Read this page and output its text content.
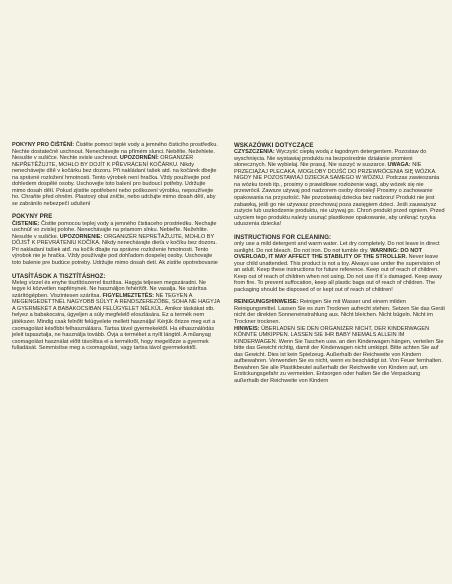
POKYNY PRO ČIŠTĚNÍ: Čistěte pomocí teplé vody a jemného čisticího prostředku. Nechte dostatečně uschnout. Nenechávejte na přímém slunci. Nebělte. Nežehlete. Nesušte v sušičce. Nechte svisle uschnout. UPOZORNĚNÍ: ORGANIZÉR NEPŘETĚŽUJTE, MOHLO BY DOJÍT K PŘEVRÁCENÍ KOČÁRKU. Nikdy nenechávejte dítě v kočárku bez dozoru. Při nakládaní tašek atd. na kočárek dbejte na správné rozložení hmotnosti. Tento výrobek není hračka. Vždy používejte pod dohledem dospělé osoby. Uschovejte toto balení pro budoucí potřeby. Udržujte mimo dosah dětí. Pokud zjistíte opotřebení nebo poškození výrobku, nepoužívejte ho. Chraňte před ohněm. Plastový obal zničte, nebo udržujte mimo dosah dětí, aby se zabránilo nebezpečí udušení

POKYNY PRE

ČISTENIE: Čistite pomocou teplej vody a jemného čistiaceho prostriedku. Nechajte uschnúť vo zvislej polohe. Nenechávajte na priamom slnku. Nebieľte. Nežehlite. Nesušte v sušičke. UPOZORNENIE: ORGANIZÉR NEPREŤAŽUJTE, MOHLO BY DÔJSŤ K PREVRÁTENIU KOČÍKA. Nikdy nenechávajte dieťa v kočíku bez dozoru. Pri nakladaní tašiek atď. na kočík dbajte na správne rozloženie hmotnosti. Tento výrobok nie je hračka. Vždy používajte pod dohľadom dospelej osoby. Uschovajte toto balenie pre budúce potreby. Udržujte mimo dosah detí. Ak zistíte opotrebovanie

UTASÍTÁSOK A TISZTÍTÁSHOZ:

Meleg vízzel és enyhe tisztítószerrel tisztítsa. Hagyja teljesen megszáradni. Ne tegye ki közvetlen napfénynek. Ne használjon fehérítőt. Ne vasalja. Ne szárítsa szárítógépben. Viszintesen szárítsa. FIGYELMEZTETÉS: NE TEGYEN A MEGENGEDETTNÉL NAGYOBB SÚLYT A RENDSZEREZŐBE, SOHA NE HAGYJA A GYERMEKÉT A BABAKOCSIBAN FELÜGYELET NÉLKÜL. Amikor táskákat stb. helyez a babakocsira, ügyeljen a súly megfelelő eloszlására. Ez a termék nem játékszer. Mindig csak felnőtt felügyelete mellett használja! Kérjük őrizze meg ezt a csomagolást későbbi felhasználásra. Tartsa távol gyermekektől. Ha elhasználódás jeleit tapasztalja, ne használja tovább. Óvja a terméket a nyílt lángtól. A műanyag csomagolást használat előtt távolítsa el a termékről, hogy megelőzze a gyermek fulladását. Semmisítse meg a csomagolást, vagy tartsa távol gyermekektől.

WSKAZÓWKI DOTYCZĄCE

CZYSZCZENIA: Wyczyść ciepłą wodą z łagodnym detergentem. Pozostaw do wyschnięcia. Nie wystawiaj produktu na bezpośrednie działanie promieni słonecznych. Nie wybielaj. Nie prasuj. Nie suszyć w suszarce. UWAGA: NIE PRZECIĄŻAJ PLECAKA, MOGŁOBY DOJŚĆ DO PRZEWRÓCENIA SIĘ WÓZKA. NIGDY NIE POZOSTAWIAJ DZIECKA SAMEGO W WÓZKU. Podczas zawieszania na wózku toreb itp., prosimy o prawidłowe rozłożenie wagi, aby wózek się nie przewrócił. Zawsze używaj pod nadzorem osoby dorosłej! Prosimy o zachowanie opakowania na przyszłość. Nie pozostawiaj dziecka bez nadzoru! Produkt nie jest zabawką, jeśli go nie używasz przechowuj poza zasięgiem dzieci. Jeśli zauważysz zużycie lub uszkodzenie produktu, nie używaj go. Chroń produkt przed ogniem. Przed użyciem tego produktu należy usunąć plastikowe opakowanie, aby uniknąć ryzyka uduszenia dziecka!

INSTRUCTIONS FOR CLEANING:

only use a mild detergent and warm water. Let dry completely. Do not leave in direct sunlight. Do not bleach. Do not iron. Do not tumble dry. WARNING: DO NOT OVERLOAD, IT MAY AFFECT THE STABILITY OF THE STROLLER. Never leave your child unattended. This product is not a toy. Always use under the supervision of an adult. Keep these instructions for future reference. Keep out of reach of children. Keep out of reach of children when not using. Do not use if it´s damaged. Keep away from fire. To prevent suffocation, keep all plastic bags out of reach of children. The packaging should be disposed of or kept out of reach of children!

REINIGUNGSHINWEISE: Reinigen Sie mit Wasser und einem milden Reinigungsmittel. Lassen Sie es zum Trocknen aufrecht stehen. Setzen Sie das Gerät nicht der direkten Sonneneinstrahlung aus. Nicht bleichen. Nicht bügeln. Nicht im Trockner trocknen.

HINWEIS: ÜBERLADEN SIE DEN ORGANIZER NICHT, DER KINDERWAGEN KÖNNTE UMKIPPEN. LASSEN SIE IHR BABY NIEMALS ALLEIN IM KINDERWAGEN. Wenn Sie Taschen usw. an den Kinderwagen hängen, verteilen Sie bitte das Gewicht richtig, damit der Kinderwagen nicht umkippt. Bitte achten Sie auf das Gewicht. Dies ist kein Spielzeug. Außerhalb der Reichweite von Kindern aufbewahren. Verwenden Sie es nicht, wenn es beschädigt ist. Von Feuer fernhalten. Bewahren Sie alle Plastikbeutel außerhalb der Reichweite von Kindern auf, um Erstickungsgefahr zu vermeiden. Entsorgen oder halten Sie die Verpackung außerhalb der Reichweite von Kindern
